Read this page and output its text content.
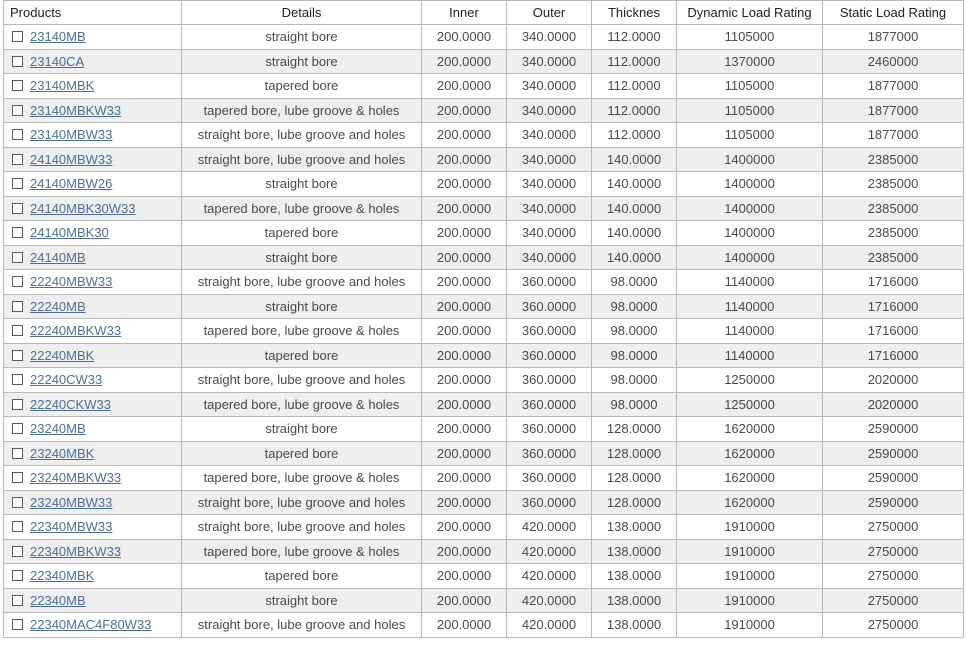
Products	Details	Inner	Outer	Thicknes	Dynamic Load Rating	Static Load Rating
23140MB	straight bore	200.0000	340.0000	112.0000	1105000	1877000
23140CA	straight bore	200.0000	340.0000	112.0000	1370000	2460000
23140MBK	tapered bore	200.0000	340.0000	112.0000	1105000	1877000
23140MBKW33	tapered bore, lube groove & holes	200.0000	340.0000	112.0000	1105000	1877000
23140MBW33	straight bore, lube groove and holes	200.0000	340.0000	112.0000	1105000	1877000
24140MBW33	straight bore, lube groove and holes	200.0000	340.0000	140.0000	1400000	2385000
24140MBW26	straight bore	200.0000	340.0000	140.0000	1400000	2385000
24140MBK30W33	tapered bore, lube groove & holes	200.0000	340.0000	140.0000	1400000	2385000
24140MBK30	tapered bore	200.0000	340.0000	140.0000	1400000	2385000
24140MB	straight bore	200.0000	340.0000	140.0000	1400000	2385000
22240MBW33	straight bore, lube groove and holes	200.0000	360.0000	98.0000	1140000	1716000
22240MB	straight bore	200.0000	360.0000	98.0000	1140000	1716000
22240MBKW33	tapered bore, lube groove & holes	200.0000	360.0000	98.0000	1140000	1716000
22240MBK	tapered bore	200.0000	360.0000	98.0000	1140000	1716000
22240CW33	straight bore, lube groove and holes	200.0000	360.0000	98.0000	1250000	2020000
22240CKW33	tapered bore, lube groove & holes	200.0000	360.0000	98.0000	1250000	2020000
23240MB	straight bore	200.0000	360.0000	128.0000	1620000	2590000
23240MBK	tapered bore	200.0000	360.0000	128.0000	1620000	2590000
23240MBKW33	tapered bore, lube groove & holes	200.0000	360.0000	128.0000	1620000	2590000
23240MBW33	straight bore, lube groove and holes	200.0000	360.0000	128.0000	1620000	2590000
22340MBW33	straight bore, lube groove and holes	200.0000	420.0000	138.0000	1910000	2750000
22340MBKW33	tapered bore, lube groove & holes	200.0000	420.0000	138.0000	1910000	2750000
22340MBK	tapered bore	200.0000	420.0000	138.0000	1910000	2750000
22340MB	straight bore	200.0000	420.0000	138.0000	1910000	2750000
22340MAC4F80W33	straight bore, lube groove and holes	200.0000	420.0000	138.0000	1910000	2750000
